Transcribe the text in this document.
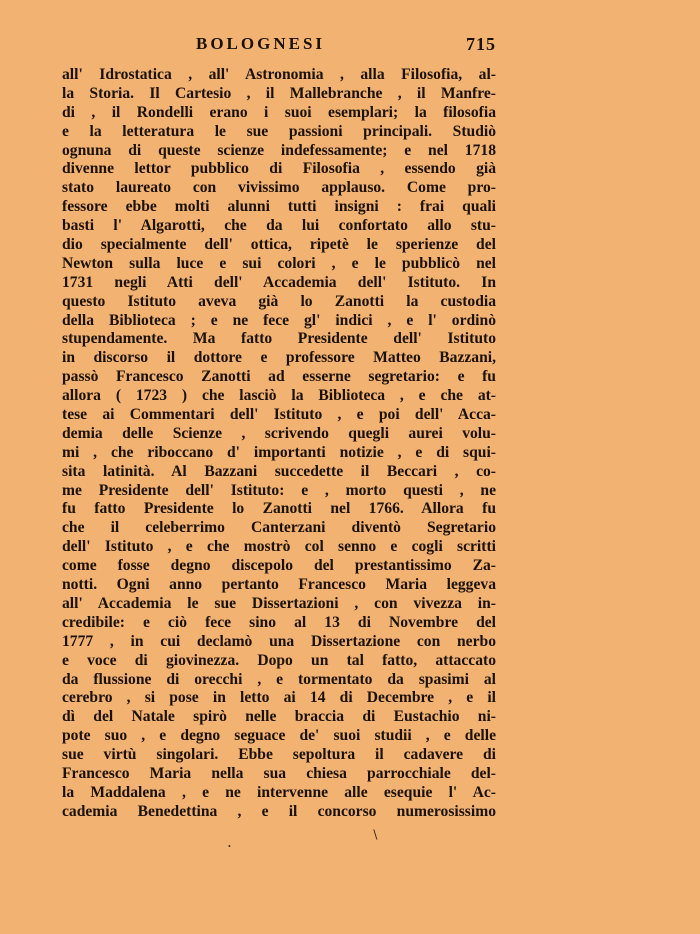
BOLOGNESI	715
all' Idrostatica , all' Astronomia , alla Filosofia, al-
la Storia. Il Cartesio , il Mallebranche , il Manfre-
di , il Rondelli erano i suoi esemplari; la filosofia
e la letteratura le sue passioni principali. Studiò
ognuna di queste scienze indefessamente; e nel 1718
divenne lettor pubblico di Filosofia , essendo già
stato laureato con vivissimo applauso. Come pro-
fessore ebbe molti alunni tutti insigni : frai quali
basti l' Algarotti, che da lui confortato allo stu-
dio specialmente dell' ottica, ripetè le sperienze del
Newton sulla luce e sui colori , e le pubblicò nel
1731 negli Atti dell' Accademia dell' Istituto. In
questo Istituto aveva già lo Zanotti la custodia
della Biblioteca ; e ne fece gl' indici , e l' ordinò
stupendamente. Ma fatto Presidente dell' Istituto
in discorso il dottore e professore Matteo Bazzani,
passò Francesco Zanotti ad esserne segretario: e fu
allora ( 1723 ) che lasciò la Biblioteca , e che at-
tese ai Commentari dell' Istituto , e poi dell' Acca-
demia delle Scienze , scrivendo quegli aurei volu-
mi , che riboccano d' importanti notizie , e di squi-
sita latinità. Al Bazzani succedette il Beccari , co-
me Presidente dell' Istituto: e , morto questi , ne
fu fatto Presidente lo Zanotti nel 1766. Allora fu
che il celeberrimo Canterzani diventò Segretario
dell' Istituto , e che mostrò col senno e cogli scritti
come fosse degno discepolo del prestantissimo Za-
notti. Ogni anno pertanto Francesco Maria leggeva
all' Accademia le sue Dissertazioni , con vivezza in-
credibile: e ciò fece sino al 13 di Novembre del
1777 , in cui declamò una Dissertazione con nerbo
e voce di giovinezza. Dopo un tal fatto, attaccato
da flussione di orecchi , e tormentato da spasimi al
cerebro , si pose in letto ai 14 di Decembre , e il
dì del Natale spirò nelle braccia di Eustachio ni-
pote suo , e degno seguace de' suoi studii , e delle
sue virtù singolari. Ebbe sepoltura il cadavere di
Francesco Maria nella sua chiesa parrocchiale del-
la Maddalena , e ne intervenne alle esequie l' Ac-
cademia Benedettina , e il concorso numerosissimo
∖
•
